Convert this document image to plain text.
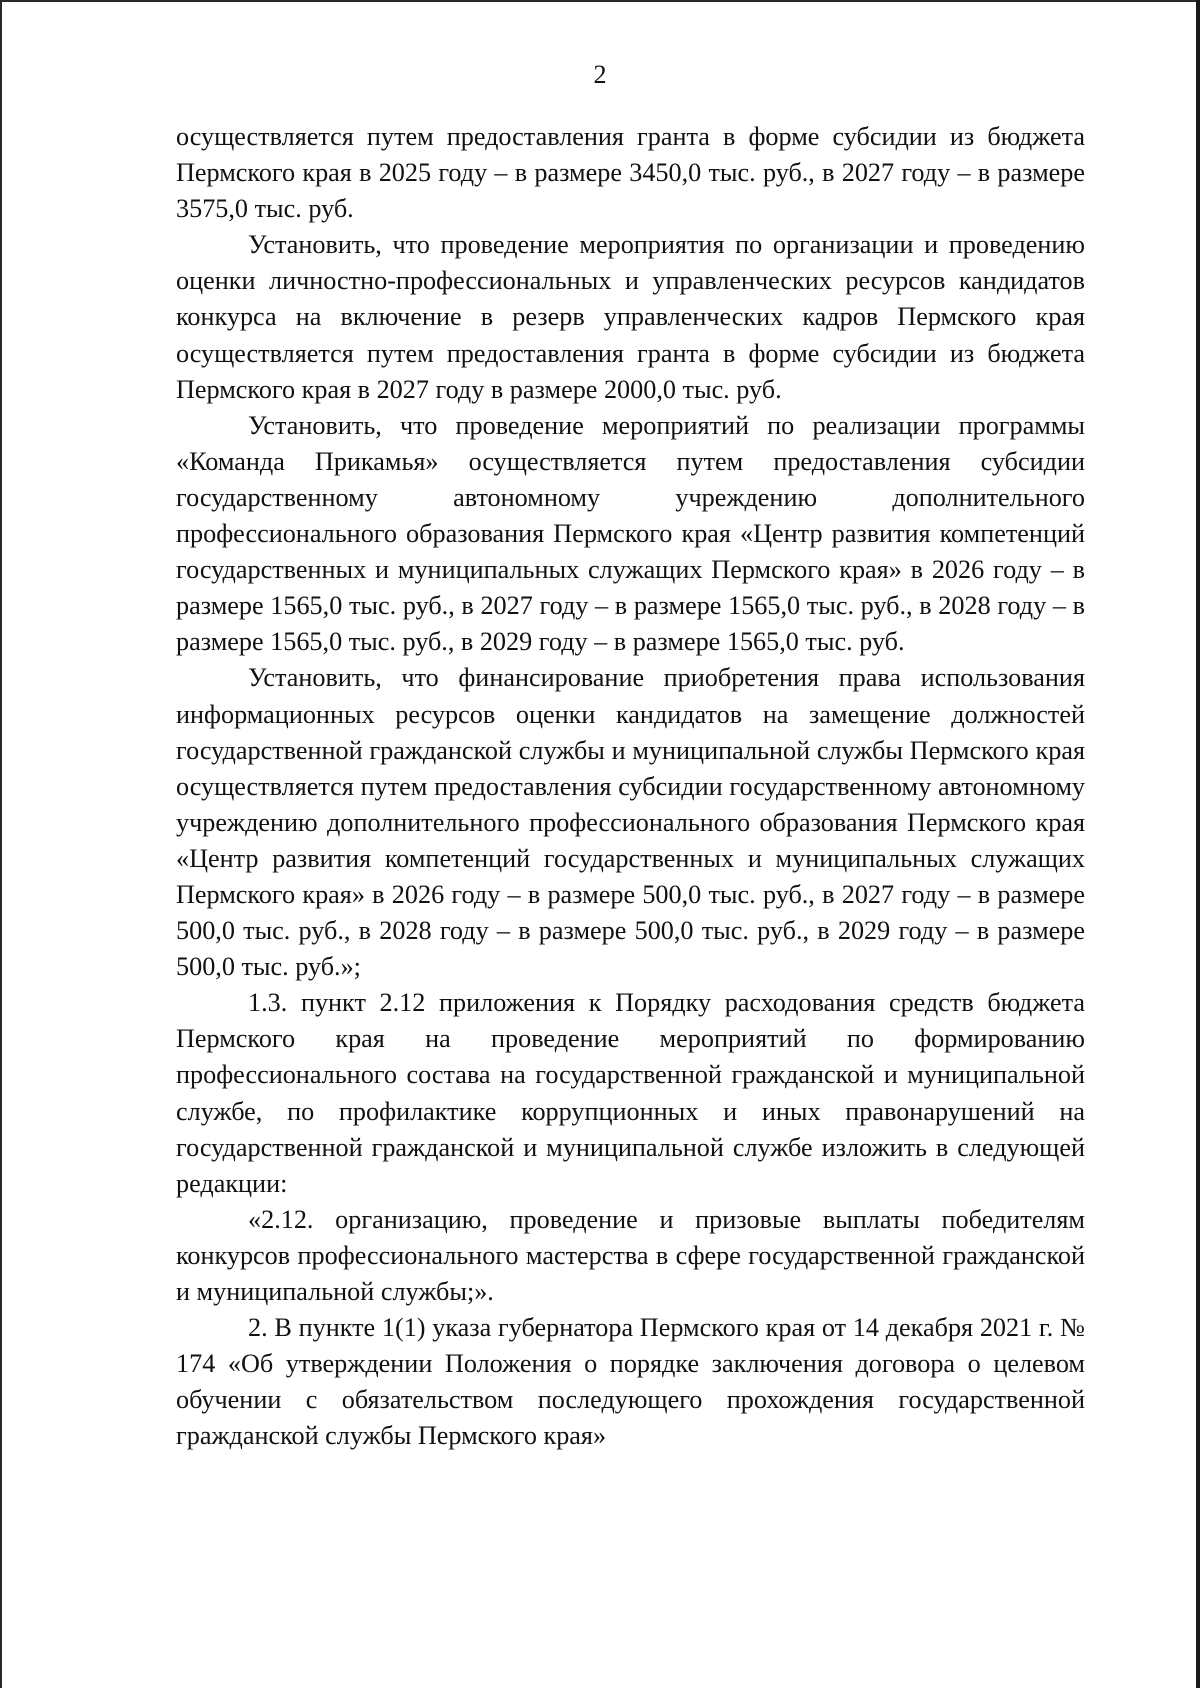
2

осуществляется путем предоставления гранта в форме субсидии из бюджета Пермского края в 2025 году – в размере 3450,0 тыс. руб., в 2027 году – в размере 3575,0 тыс. руб.

Установить, что проведение мероприятия по организации и проведению оценки личностно-профессиональных и управленческих ресурсов кандидатов конкурса на включение в резерв управленческих кадров Пермского края осуществляется путем предоставления гранта в форме субсидии из бюджета Пермского края в 2027 году в размере 2000,0 тыс. руб.

Установить, что проведение мероприятий по реализации программы «Команда Прикамья» осуществляется путем предоставления субсидии государственному автономному учреждению дополнительного профессионального образования Пермского края «Центр развития компетенций государственных и муниципальных служащих Пермского края» в 2026 году – в размере 1565,0 тыс. руб., в 2027 году – в размере 1565,0 тыс. руб., в 2028 году – в размере 1565,0 тыс. руб., в 2029 году – в размере 1565,0 тыс. руб.

Установить, что финансирование приобретения права использования информационных ресурсов оценки кандидатов на замещение должностей государственной гражданской службы и муниципальной службы Пермского края осуществляется путем предоставления субсидии государственному автономному учреждению дополнительного профессионального образования Пермского края «Центр развития компетенций государственных и муниципальных служащих Пермского края» в 2026 году – в размере 500,0 тыс. руб., в 2027 году – в размере 500,0 тыс. руб., в 2028 году – в размере 500,0 тыс. руб., в 2029 году – в размере 500,0 тыс. руб.»;

1.3. пункт 2.12 приложения к Порядку расходования средств бюджета Пермского края на проведение мероприятий по формированию профессионального состава на государственной гражданской и муниципальной службе, по профилактике коррупционных и иных правонарушений на государственной гражданской и муниципальной службе изложить в следующей редакции:

«2.12. организацию, проведение и призовые выплаты победителям конкурсов профессионального мастерства в сфере государственной гражданской и муниципальной службы;».

2. В пункте 1(1) указа губернатора Пермского края от 14 декабря 2021 г. № 174 «Об утверждении Положения о порядке заключения договора о целевом обучении с обязательством последующего прохождения государственной гражданской службы Пермского края»
